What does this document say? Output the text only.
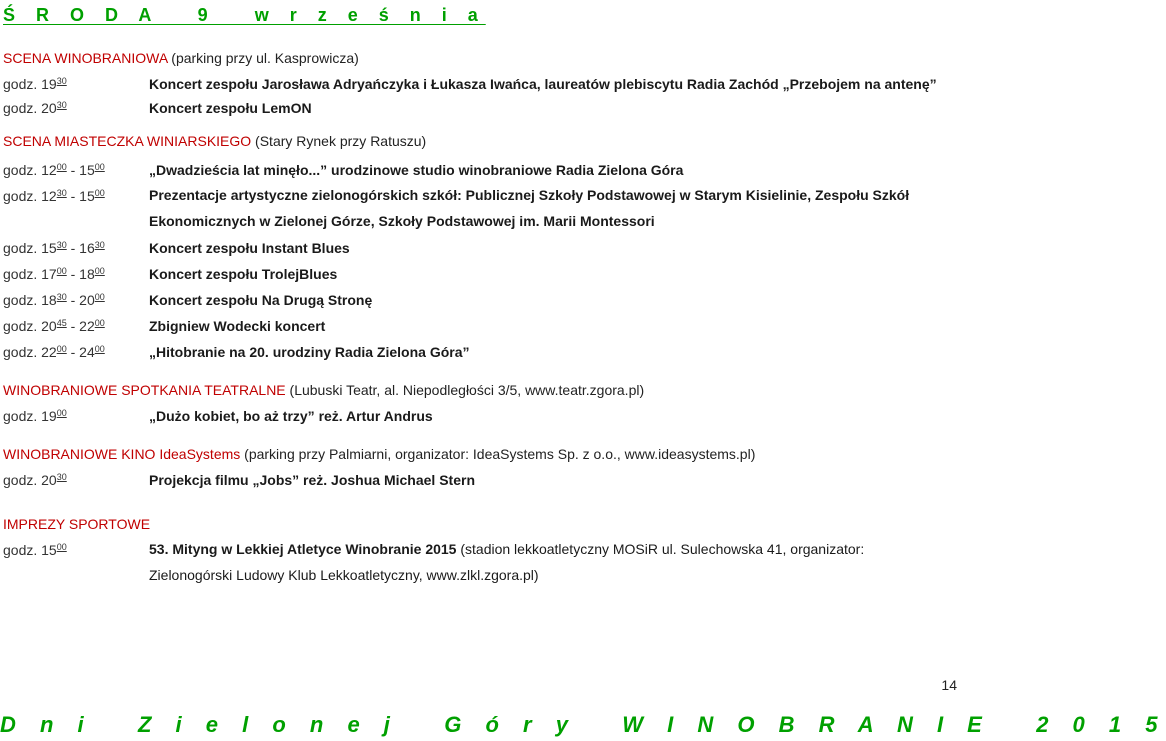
Ś R O D A   9   w r z e ś n i a
SCENA WINOBRANIOWA (parking przy ul. Kasprowicza)
godz. $19^{30}$	Koncert zespołu Jarosława Adryańczyka i Łukasza Iwańca, laureatów plebiscytu Radia Zachód „Przebojem na antenę”
godz. $20^{30}$	Koncert zespołu LemON
SCENA MIASTECZKA WINIARSKIEGO (Stary Rynek przy Ratuszu)
godz. $12^{00} - 15^{00}$	„Dwadzieścia lat minęło...” urodzinowe studio winobraniowe Radia Zielona Góra
godz. $12^{30} - 15^{00}$	Prezentacje artystyczne zielonogórskich szkół: Publicznej Szkoły Podstawowej w Starym Kisielinie, Zespołu Szkół Ekonomicznych w Zielonej Górze, Szkoły Podstawowej im. Marii Montessori
godz. $15^{30} - 16^{30}$	Koncert zespołu Instant Blues
godz. $17^{00} - 18^{00}$	Koncert zespołu TrolejBlues
godz. $18^{30} - 20^{00}$	Koncert zespołu Na Drugą Stronę
godz. $20^{45} - 22^{00}$	Zbigniew Wodecki koncert
godz. $22^{00} - 24^{00}$	„Hitobranie na 20. urodziny Radia Zielona Góra”
WINOBRANIOWE SPOTKANIA TEATRALNE (Lubuski Teatr, al. Niepodległości 3/5, www.teatr.zgora.pl)
godz. $19^{00}$	„Dużo kobiet, bo aż trzy” reż. Artur Andrus
WINOBRANIOWE KINO IdeaSystems (parking przy Palmiarni, organizator: IdeaSystems Sp. z o.o., www.ideasystems.pl)
godz. $20^{30}$	Projekcja filmu „Jobs” reż. Joshua Michael Stern
IMPREZY SPORTOWE
godz. $15^{00}$	53. Mityng w Lekkiej Atletyce Winobranie 2015 (stadion lekkoatletyczny MOSiR ul. Sulechowska 41, organizator: Zielonogórski Ludowy Klub Lekkoatletyczny, www.zlkl.zgora.pl)
14
D n i   Z i e l o n e j   G ó r y   W I N O B R A N I E   2 0 1 5
